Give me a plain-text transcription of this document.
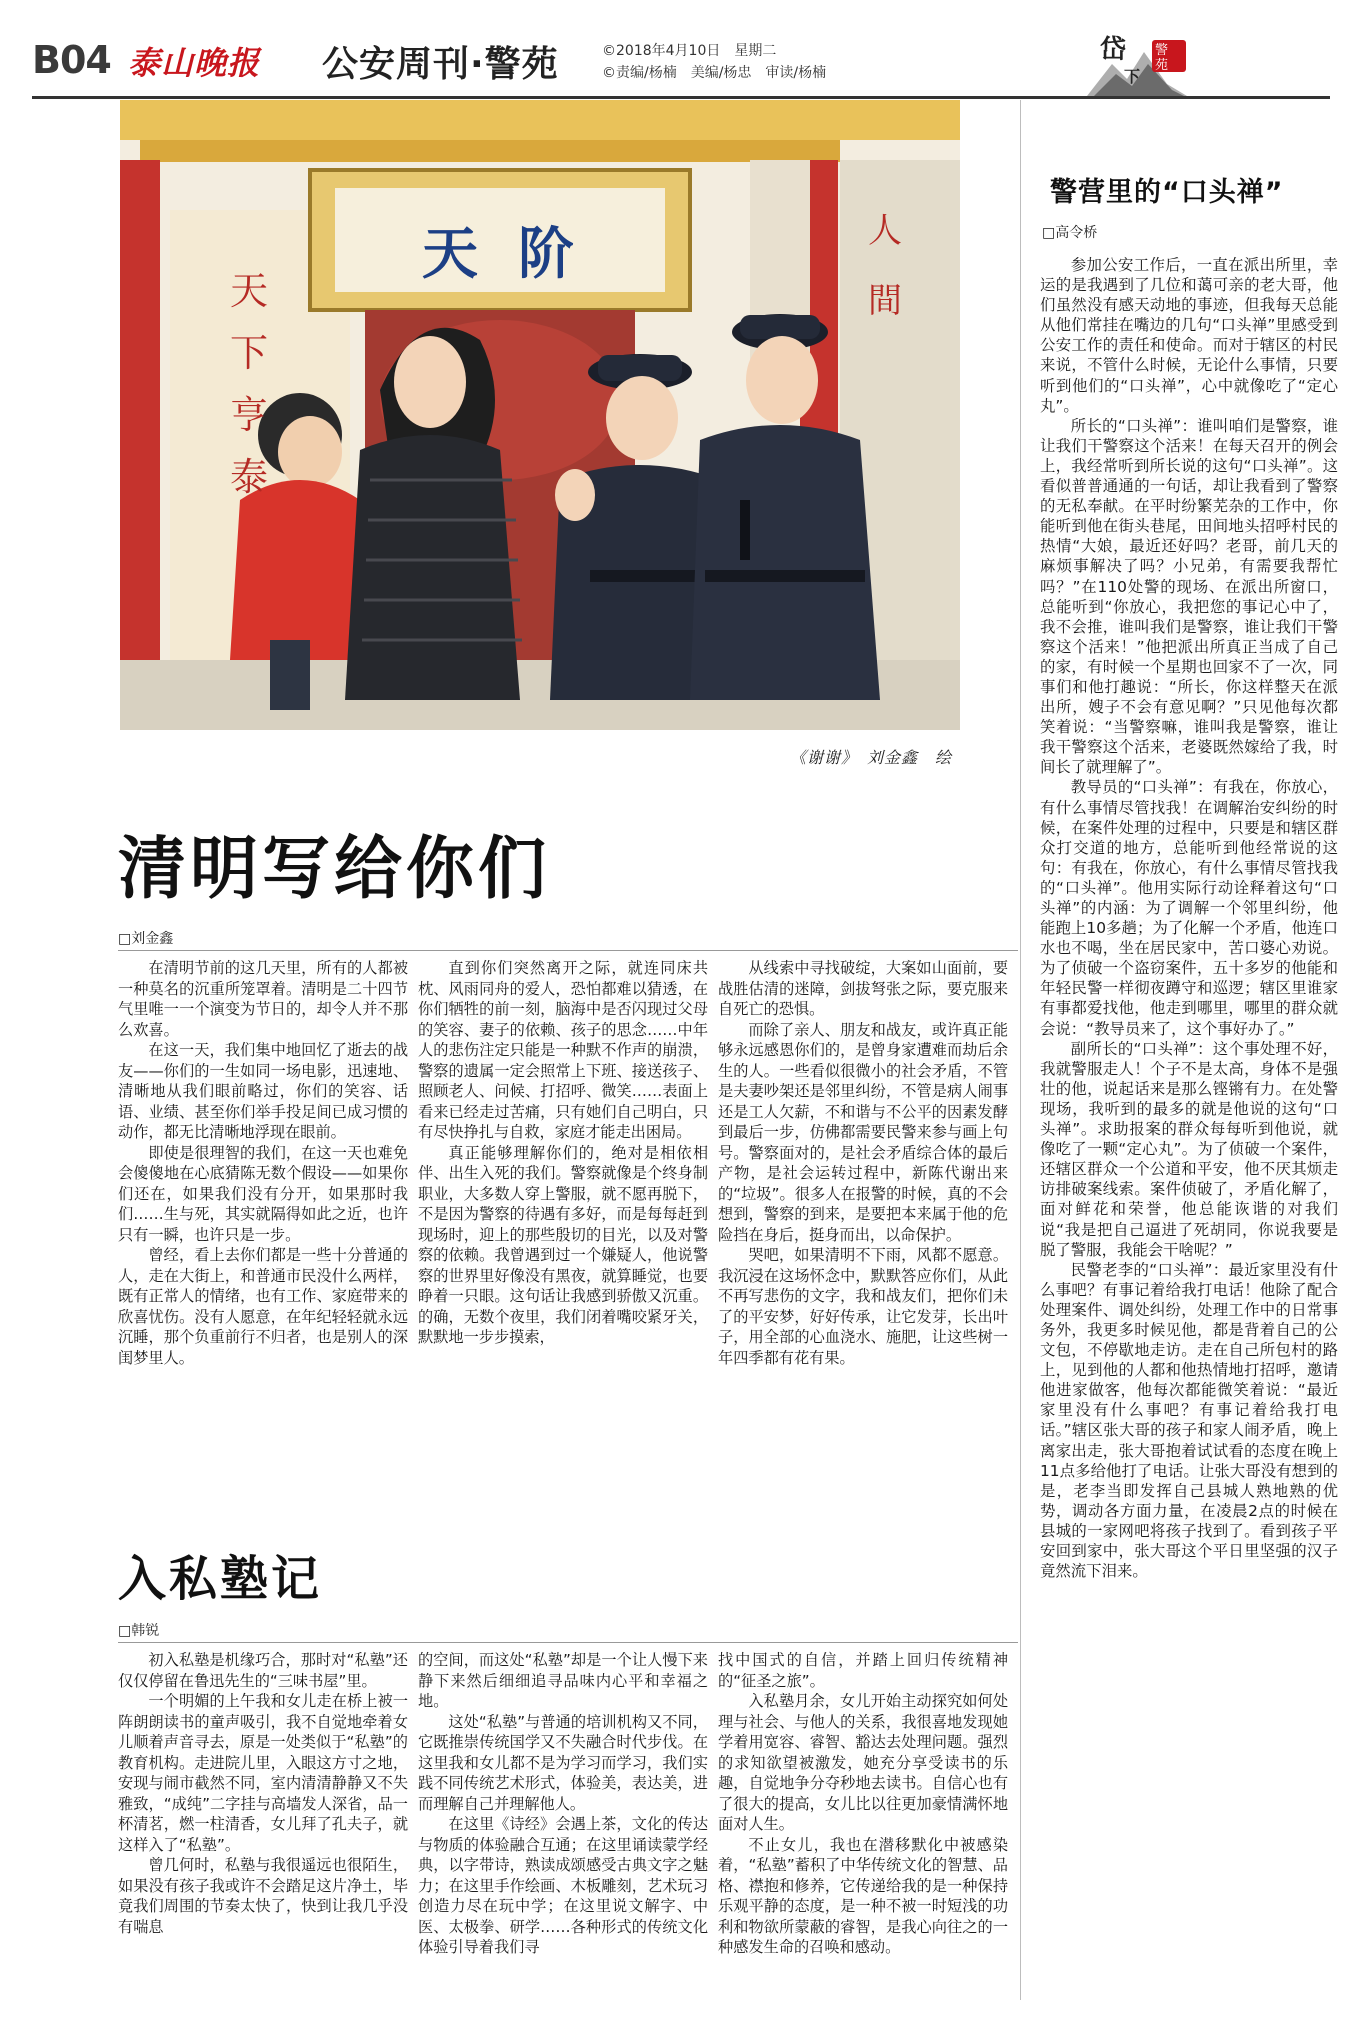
B04 泰山晚报 公安周刊·警苑	©2018年4月10日　星期二
©责编/杨楠　美编/杨忠　审读/杨楠
岱
下
警
苑
天阶
天下亨泰
人間
《谢谢》　刘金鑫　绘
清明写给你们
□刘金鑫

在清明节前的这几天里，所有的人都被一种莫名的沉重所笼罩着。清明是二十四节气里唯一一个演变为节日的，却令人并不那么欢喜。

在这一天，我们集中地回忆了逝去的战友——你们的一生如同一场电影，迅速地、清晰地从我们眼前略过，你们的笑容、话语、业绩、甚至你们举手投足间已成习惯的动作，都无比清晰地浮现在眼前。

即使是很理智的我们，在这一天也难免会傻傻地在心底猜陈无数个假设——如果你们还在，如果我们没有分开，如果那时我们……生与死，其实就隔得如此之近，也许只有一瞬，也许只是一步。

曾经，看上去你们都是一些十分普通的人，走在大街上，和普通市民没什么两样，既有正常人的情绪，也有工作、家庭带来的欣喜忧伤。没有人愿意，在年纪轻轻就永远沉睡，那个负重前行不归者，也是别人的深闺梦里人。

直到你们突然离开之际，就连同床共枕、风雨同舟的爱人，恐怕都难以猜透，在你们牺牲的前一刻，脑海中是否闪现过父母的笑容、妻子的依赖、孩子的思念……中年人的悲伤注定只能是一种默不作声的崩溃，警察的遗属一定会照常上下班、接送孩子、照顾老人、问候、打招呼、微笑……表面上看来已经走过苦痛，只有她们自己明白，只有尽快挣扎与自救，家庭才能走出困局。

真正能够理解你们的，绝对是相依相伴、出生入死的我们。警察就像是个终身制职业，大多数人穿上警服，就不愿再脱下，不是因为警察的待遇有多好，而是每每赶到现场时，迎上的那些殷切的目光，以及对警察的依赖。我曾遇到过一个嫌疑人，他说警察的世界里好像没有黑夜，就算睡觉，也要睁着一只眼。这句话让我感到骄傲又沉重。的确，无数个夜里，我们闭着嘴咬紧牙关，默默地一步步摸索，

从线索中寻找破绽，大案如山面前，要战胜估清的迷障，剑拔弩张之际，要克服来自死亡的恐惧。

而除了亲人、朋友和战友，或许真正能够永远感恩你们的，是曾身家遭难而劫后余生的人。一些看似很微小的社会矛盾，不管是夫妻吵架还是邻里纠纷，不管是病人闹事还是工人欠薪，不和谐与不公平的因素发酵到最后一步，仿佛都需要民警来参与画上句号。警察面对的，是社会矛盾综合体的最后产物，是社会运转过程中，新陈代谢出来的“垃圾”。很多人在报警的时候，真的不会想到，警察的到来，是要把本来属于他的危险挡在身后，挺身而出，以命保护。

哭吧，如果清明不下雨，风都不愿意。我沉浸在这场怀念中，默默答应你们，从此不再写悲伤的文字，我和战友们，把你们未了的平安梦，好好传承，让它发芽，长出叶子，用全部的心血浇水、施肥，让这些树一年四季都有花有果。

入私塾记
□韩锐

初入私塾是机缘巧合，那时对“私塾”还仅仅停留在鲁迅先生的“三味书屋”里。

一个明媚的上午我和女儿走在桥上被一阵朗朗读书的童声吸引，我不自觉地牵着女儿顺着声音寻去，原是一处类似于“私塾”的教育机构。走进院儿里，入眼这方寸之地，安现与闹市截然不同，室内清清静静又不失雅致，“成纯”二字挂与高墙发人深省，品一杯清茗，燃一柱清香，女儿拜了孔夫子，就这样入了“私塾”。

曾几何时，私塾与我很遥远也很陌生，如果没有孩子我或许不会踏足这片净土，毕竟我们周围的节奏太快了，快到让我几乎没有喘息

的空间，而这处“私塾”却是一个让人慢下来静下来然后细细追寻品味内心平和幸福之地。

这处“私塾”与普通的培训机构又不同，它既推崇传统国学又不失融合时代步伐。在这里我和女儿都不是为学习而学习，我们实践不同传统艺术形式，体验美，表达美，进而理解自己并理解他人。

在这里《诗经》会遇上茶，文化的传达与物质的体验融合互通；在这里诵读蒙学经典，以字带诗，熟读成颂感受古典文字之魅力；在这里手作绘画、木板雕刻，艺术玩习创造力尽在玩中学；在这里说文解字、中医、太极拳、研学……各种形式的传统文化体验引导着我们寻

找中国式的自信，并踏上回归传统精神的“征圣之旅”。

入私塾月余，女儿开始主动探究如何处理与社会、与他人的关系，我很喜地发现她学着用宽容、睿智、豁达去处理问题。强烈的求知欲望被激发，她充分享受读书的乐趣，自觉地争分夺秒地去读书。自信心也有了很大的提高，女儿比以往更加豪情满怀地面对人生。

不止女儿，我也在潜移默化中被感染着，“私塾”蓄积了中华传统文化的智慧、品格、襟抱和修养，它传递给我的是一种保持乐观平静的态度，是一种不被一时短浅的功利和物欲所蒙蔽的睿智，是我心向往之的一种感发生命的召唤和感动。

警营里的“口头禅”
□高令桥

参加公安工作后，一直在派出所里，幸运的是我遇到了几位和蔼可亲的老大哥，他们虽然没有感天动地的事迹，但我每天总能从他们常挂在嘴边的几句“口头禅”里感受到公安工作的责任和使命。而对于辖区的村民来说，不管什么时候，无论什么事情，只要听到他们的“口头禅”，心中就像吃了“定心丸”。

所长的“口头禅”：谁叫咱们是警察，谁让我们干警察这个活来！在每天召开的例会上，我经常听到所长说的这句“口头禅”。这看似普普通通的一句话，却让我看到了警察的无私奉献。在平时纷繁芜杂的工作中，你能听到他在街头巷尾，田间地头招呼村民的热情“大娘，最近还好吗？老哥，前几天的麻烦事解决了吗？小兄弟，有需要我帮忙吗？”在110处警的现场、在派出所窗口，总能听到“你放心，我把您的事记心中了，我不会推，谁叫我们是警察，谁让我们干警察这个活来！”他把派出所真正当成了自己的家，有时候一个星期也回家不了一次，同事们和他打趣说：“所长，你这样整天在派出所，嫂子不会有意见啊？”只见他每次都笑着说：“当警察嘛，谁叫我是警察，谁让我干警察这个活来，老婆既然嫁给了我，时间长了就理解了”。

教导员的“口头禅”：有我在，你放心，有什么事情尽管找我！在调解治安纠纷的时候，在案件处理的过程中，只要是和辖区群众打交道的地方，总能听到他经常说的这句：有我在，你放心，有什么事情尽管找我的“口头禅”。他用实际行动诠释着这句“口头禅”的内涵：为了调解一个邻里纠纷，他能跑上10多趟；为了化解一个矛盾，他连口水也不喝，坐在居民家中，苦口婆心劝说。为了侦破一个盗窃案件，五十多岁的他能和年轻民警一样彻夜蹲守和巡逻；辖区里谁家有事都爱找他，他走到哪里，哪里的群众就会说：“教导员来了，这个事好办了。”

副所长的“口头禅”：这个事处理不好，我就警服走人！个子不是太高，身体不是强壮的他，说起话来是那么铿锵有力。在处警现场，我听到的最多的就是他说的这句“口头禅”。求助报案的群众每每听到他说，就像吃了一颗“定心丸”。为了侦破一个案件，还辖区群众一个公道和平安，他不厌其烦走访排破案线索。案件侦破了，矛盾化解了，面对鲜花和荣誉，他总能诙谐的对我们说“我是把自己逼进了死胡同，你说我要是脱了警服，我能会干啥呢？”

民警老李的“口头禅”：最近家里没有什么事吧？有事记着给我打电话！他除了配合处理案件、调处纠纷，处理工作中的日常事务外，我更多时候见他，都是背着自己的公文包，不停歇地走访。走在自己所包村的路上，见到他的人都和他热情地打招呼，邀请他进家做客，他每次都能微笑着说：“最近家里没有什么事吧？有事记着给我打电话。”辖区张大哥的孩子和家人闹矛盾，晚上离家出走，张大哥抱着试试看的态度在晚上11点多给他打了电话。让张大哥没有想到的是，老李当即发挥自己县城人熟地熟的优势，调动各方面力量，在凌晨2点的时候在县城的一家网吧将孩子找到了。看到孩子平安回到家中，张大哥这个平日里坚强的汉子竟然流下泪来。
